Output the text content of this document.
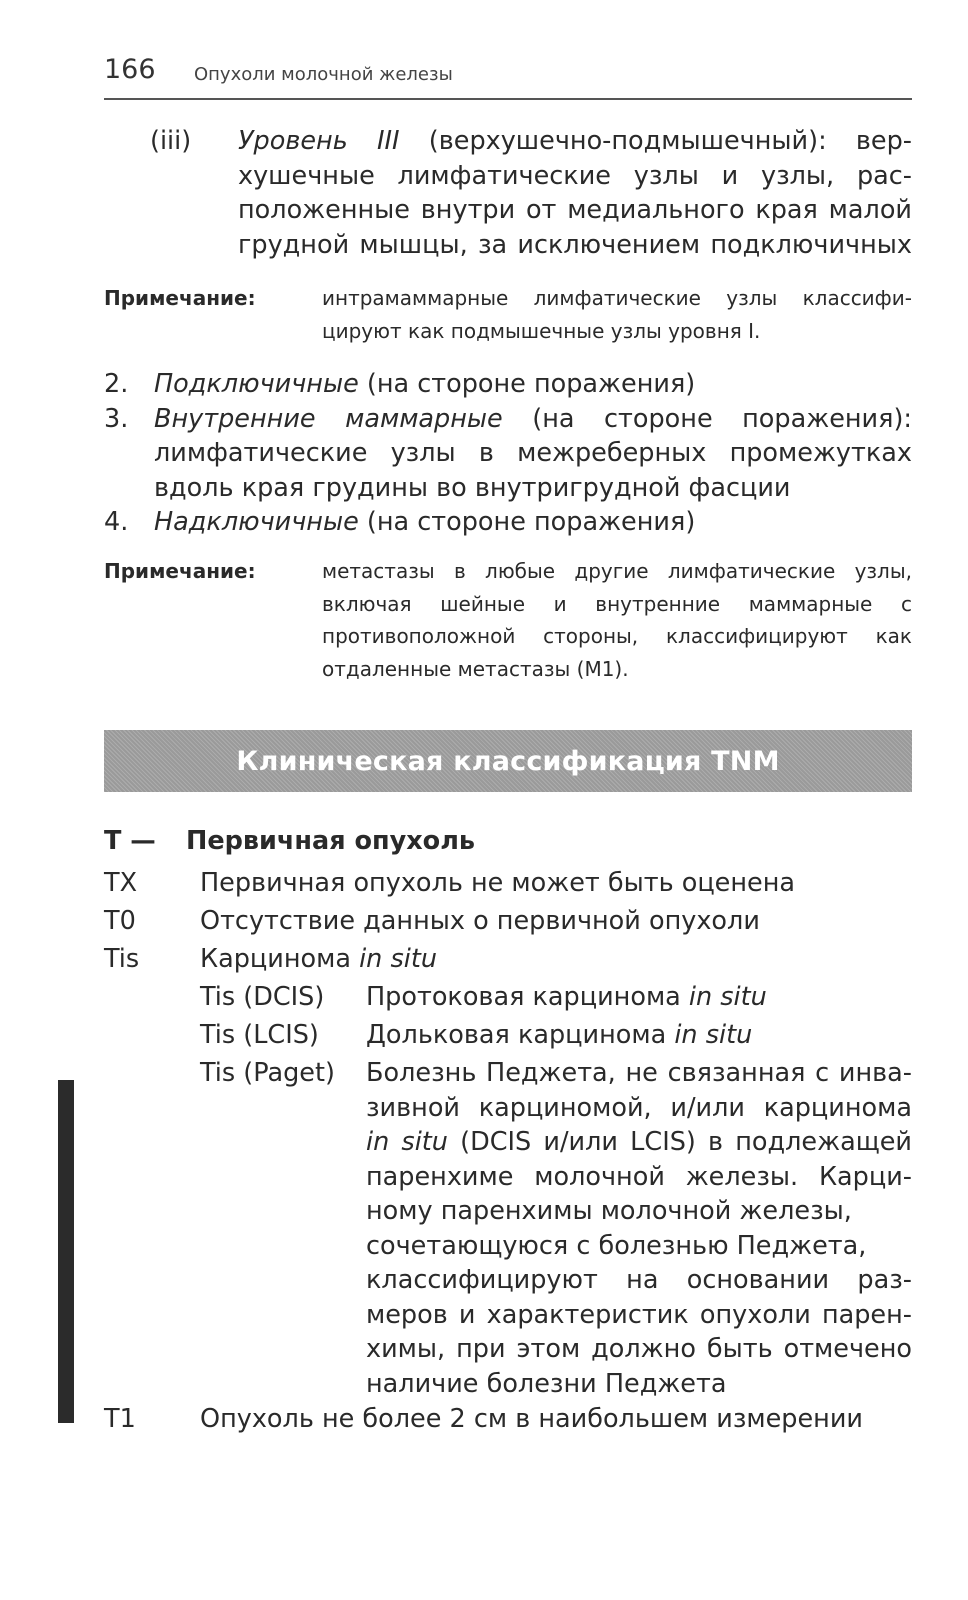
166 Опухоли молочной железы
(iii) Уровень III (верхушечно-подмышечный): вер-
хушечные лимфатические узлы и узлы, рас-
положенные внутри от медиального края малой
грудной мышцы, за исключением подключичных
Примечание:	интрамаммарные лимфатические узлы классифи-
цируют как подмышечные узлы уровня I.
2. Подключичные (на стороне поражения)
3. Внутренние маммарные (на стороне поражения):
лимфатические узлы в межреберных промежутках
вдоль края грудины во внутригрудной фасции
4. Надключичные (на стороне поражения)
Примечание:	метастазы в любые другие лимфатические узлы,
включая шейные и внутренние маммарные с
противоположной стороны, классифицируют как
отдаленные метастазы (M1).
Клиническая классификация TNM
T — Первичная опухоль
TX Первичная опухоль не может быть оценена
T0	Отсутствие данных о первичной опухоли
Tis Карцинома in situ
Tis (DCIS) Протоковая карцинома in situ
Tis (LCIS) Дольковая карцинома in situ
Tis (Paget) Болезнь Педжета, не связанная с инва-
зивной карциномой, и/или карцинома
in situ (DCIS и/или LCIS) в подлежащей
паренхиме молочной железы. Карци-
ному паренхимы молочной железы,
сочетающуюся с болезнью Педжета,
классифицируют на основании раз-
меров и характеристик опухоли парен-
химы, при этом должно быть отмечено
наличие болезни Педжета
T1	Опухоль не более 2 см в наибольшем измерении
